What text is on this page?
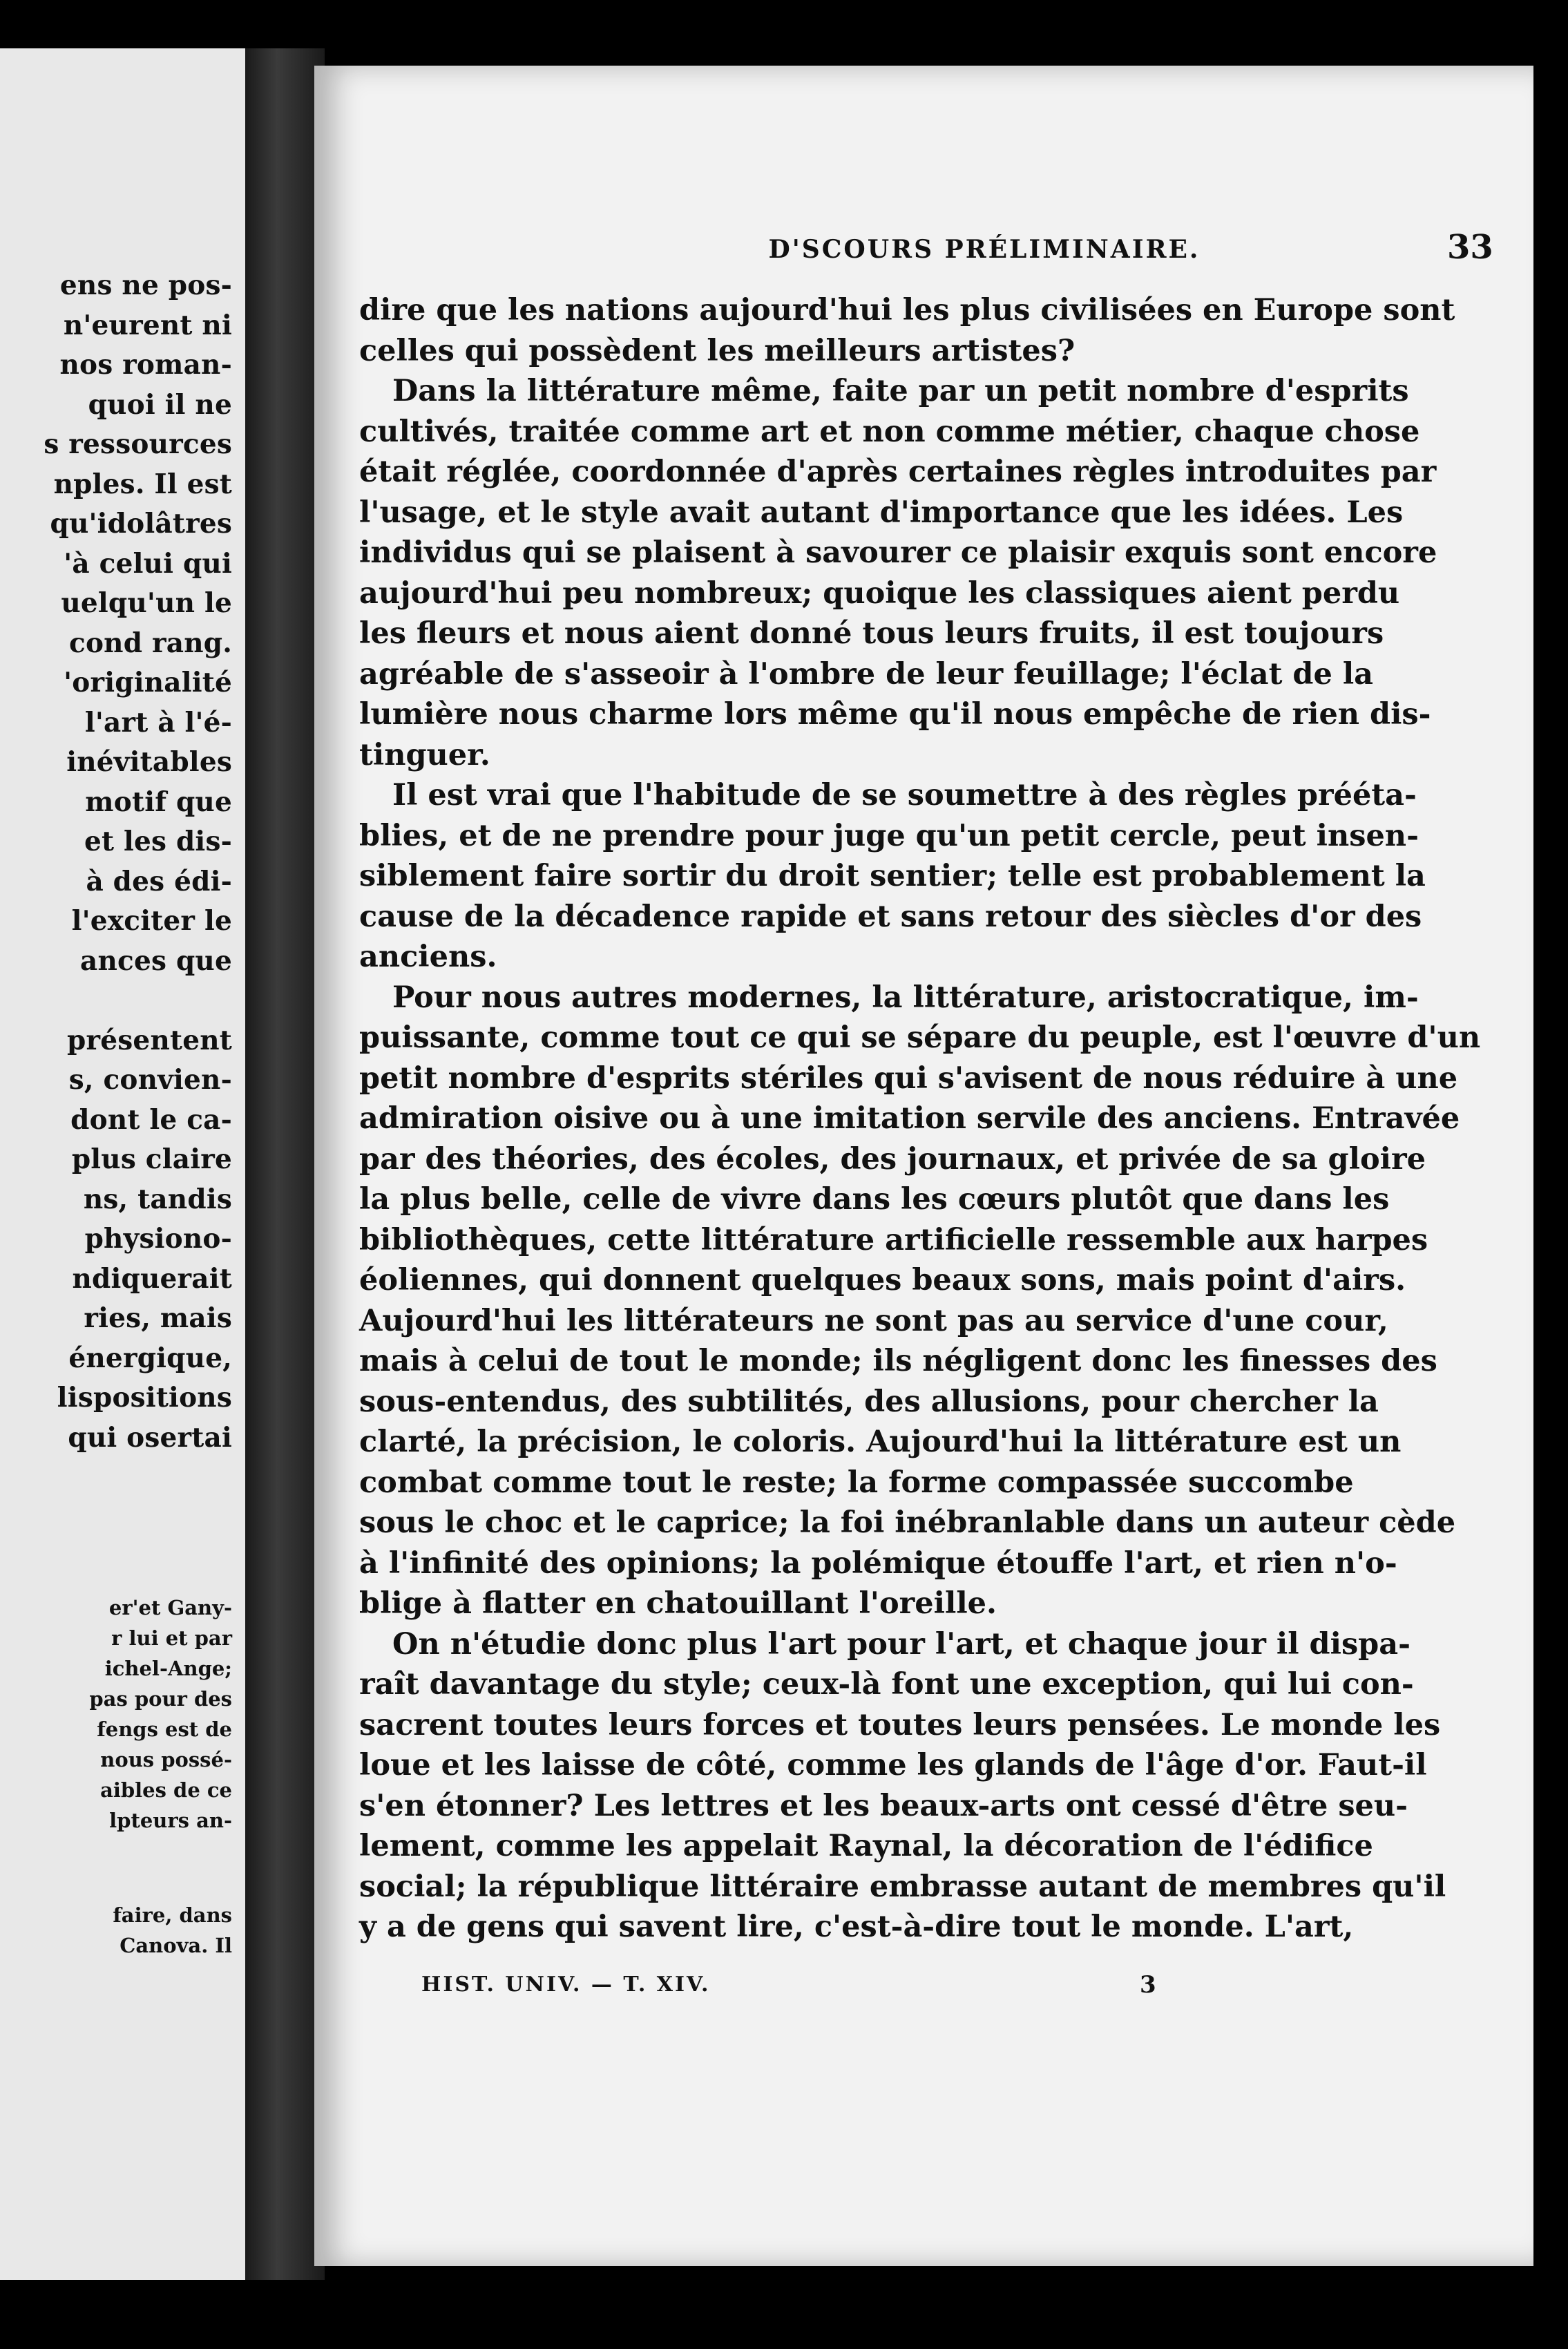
ens ne pos-
n'eurent ni
nos roman-
quoi il ne
s ressources
nples. Il est
qu'idolâtres
'à celui qui
uelqu'un le
cond rang.
'originalité
l'art à l'é-
inévitables
motif que
et les dis-
à des édi-
l'exciter le
ances que

présentent
s, convien-
dont le ca-
plus claire
ns, tandis
physiono-
ndiquerait
ries, mais
énergique,
lispositions
qui osertai
er'et Gany-
r lui et par
ichel-Ange;
pas pour des
fengs est de
nous possé-
aibles de ce
lpteurs an-
faire, dans
Canova. Il
D'SCOURS PRÉLIMINAIRE.	33
dire que les nations aujourd'hui les plus civilisées en Europe sont
celles qui possèdent les meilleurs artistes?
Dans la littérature même, faite par un petit nombre d'esprits
cultivés, traitée comme art et non comme métier, chaque chose
était réglée, coordonnée d'après certaines règles introduites par
l'usage, et le style avait autant d'importance que les idées. Les
individus qui se plaisent à savourer ce plaisir exquis sont encore
aujourd'hui peu nombreux; quoique les classiques aient perdu
les fleurs et nous aient donné tous leurs fruits, il est toujours
agréable de s'asseoir à l'ombre de leur feuillage; l'éclat de la
lumière nous charme lors même qu'il nous empêche de rien dis-
tinguer.
Il est vrai que l'habitude de se soumettre à des règles prééta-
blies, et de ne prendre pour juge qu'un petit cercle, peut insen-
siblement faire sortir du droit sentier; telle est probablement la
cause de la décadence rapide et sans retour des siècles d'or des
anciens.
Pour nous autres modernes, la littérature, aristocratique, im-
puissante, comme tout ce qui se sépare du peuple, est l'œuvre d'un
petit nombre d'esprits stériles qui s'avisent de nous réduire à une
admiration oisive ou à une imitation servile des anciens. Entravée
par des théories, des écoles, des journaux, et privée de sa gloire
la plus belle, celle de vivre dans les cœurs plutôt que dans les
bibliothèques, cette littérature artificielle ressemble aux harpes
éoliennes, qui donnent quelques beaux sons, mais point d'airs.
Aujourd'hui les littérateurs ne sont pas au service d'une cour,
mais à celui de tout le monde; ils négligent donc les finesses des
sous-entendus, des subtilités, des allusions, pour chercher la
clarté, la précision, le coloris. Aujourd'hui la littérature est un
combat comme tout le reste; la forme compassée succombe
sous le choc et le caprice; la foi inébranlable dans un auteur cède
à l'infinité des opinions; la polémique étouffe l'art, et rien n'o-
blige à flatter en chatouillant l'oreille.
On n'étudie donc plus l'art pour l'art, et chaque jour il dispa-
raît davantage du style; ceux-là font une exception, qui lui con-
sacrent toutes leurs forces et toutes leurs pensées. Le monde les
loue et les laisse de côté, comme les glands de l'âge d'or. Faut-il
s'en étonner? Les lettres et les beaux-arts ont cessé d'être seu-
lement, comme les appelait Raynal, la décoration de l'édifice
social; la république littéraire embrasse autant de membres qu'il
y a de gens qui savent lire, c'est-à-dire tout le monde. L'art,
HIST. UNIV. — T. XIV.	3
